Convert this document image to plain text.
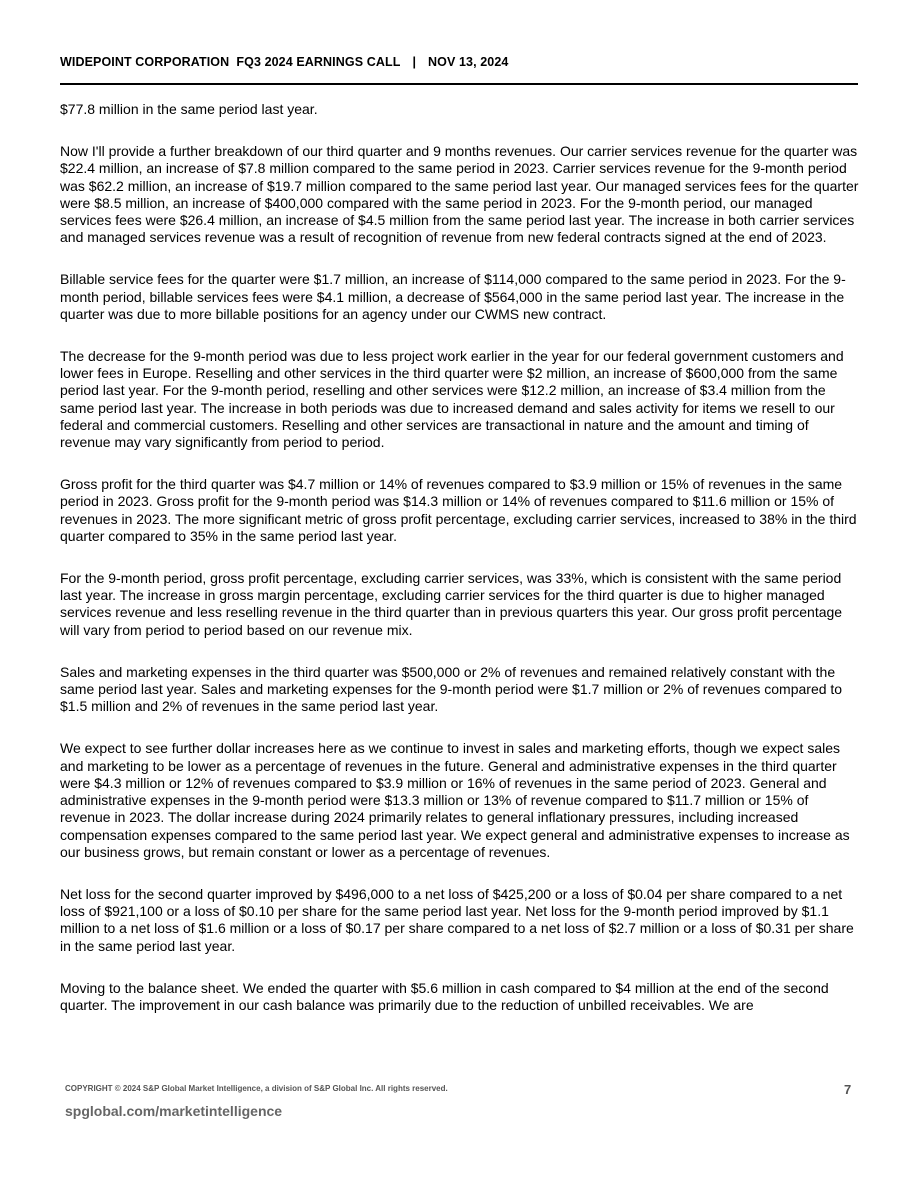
WIDEPOINT CORPORATION FQ3 2024 EARNINGS CALL | NOV 13, 2024

$77.8 million in the same period last year.

Now I'll provide a further breakdown of our third quarter and 9 months revenues. Our carrier services revenue for the quarter was $22.4 million, an increase of $7.8 million compared to the same period in 2023. Carrier services revenue for the 9-month period was $62.2 million, an increase of $19.7 million compared to the same period last year. Our managed services fees for the quarter were $8.5 million, an increase of $400,000 compared with the same period in 2023. For the 9-month period, our managed services fees were $26.4 million, an increase of $4.5 million from the same period last year. The increase in both carrier services and managed services revenue was a result of recognition of revenue from new federal contracts signed at the end of 2023.

Billable service fees for the quarter were $1.7 million, an increase of $114,000 compared to the same period in 2023. For the 9-month period, billable services fees were $4.1 million, a decrease of $564,000 in the same period last year. The increase in the quarter was due to more billable positions for an agency under our CWMS new contract.

The decrease for the 9-month period was due to less project work earlier in the year for our federal government customers and lower fees in Europe. Reselling and other services in the third quarter were $2 million, an increase of $600,000 from the same period last year. For the 9-month period, reselling and other services were $12.2 million, an increase of $3.4 million from the same period last year. The increase in both periods was due to increased demand and sales activity for items we resell to our federal and commercial customers. Reselling and other services are transactional in nature and the amount and timing of revenue may vary significantly from period to period.

Gross profit for the third quarter was $4.7 million or 14% of revenues compared to $3.9 million or 15% of revenues in the same period in 2023. Gross profit for the 9-month period was $14.3 million or 14% of revenues compared to $11.6 million or 15% of revenues in 2023. The more significant metric of gross profit percentage, excluding carrier services, increased to 38% in the third quarter compared to 35% in the same period last year.

For the 9-month period, gross profit percentage, excluding carrier services, was 33%, which is consistent with the same period last year. The increase in gross margin percentage, excluding carrier services for the third quarter is due to higher managed services revenue and less reselling revenue in the third quarter than in previous quarters this year. Our gross profit percentage will vary from period to period based on our revenue mix.

Sales and marketing expenses in the third quarter was $500,000 or 2% of revenues and remained relatively constant with the same period last year. Sales and marketing expenses for the 9-month period were $1.7 million or 2% of revenues compared to $1.5 million and 2% of revenues in the same period last year.

We expect to see further dollar increases here as we continue to invest in sales and marketing efforts, though we expect sales and marketing to be lower as a percentage of revenues in the future. General and administrative expenses in the third quarter were $4.3 million or 12% of revenues compared to $3.9 million or 16% of revenues in the same period of 2023. General and administrative expenses in the 9-month period were $13.3 million or 13% of revenue compared to $11.7 million or 15% of revenue in 2023. The dollar increase during 2024 primarily relates to general inflationary pressures, including increased compensation expenses compared to the same period last year. We expect general and administrative expenses to increase as our business grows, but remain constant or lower as a percentage of revenues.

Net loss for the second quarter improved by $496,000 to a net loss of $425,200 or a loss of $0.04 per share compared to a net loss of $921,100 or a loss of $0.10 per share for the same period last year. Net loss for the 9-month period improved by $1.1 million to a net loss of $1.6 million or a loss of $0.17 per share compared to a net loss of $2.7 million or a loss of $0.31 per share in the same period last year.

Moving to the balance sheet. We ended the quarter with $5.6 million in cash compared to $4 million at the end of the second quarter. The improvement in our cash balance was primarily due to the reduction of unbilled receivables. We are

COPYRIGHT © 2024 S&P Global Market Intelligence, a division of S&P Global Inc. All rights reserved.	7
spglobal.com/marketintelligence
